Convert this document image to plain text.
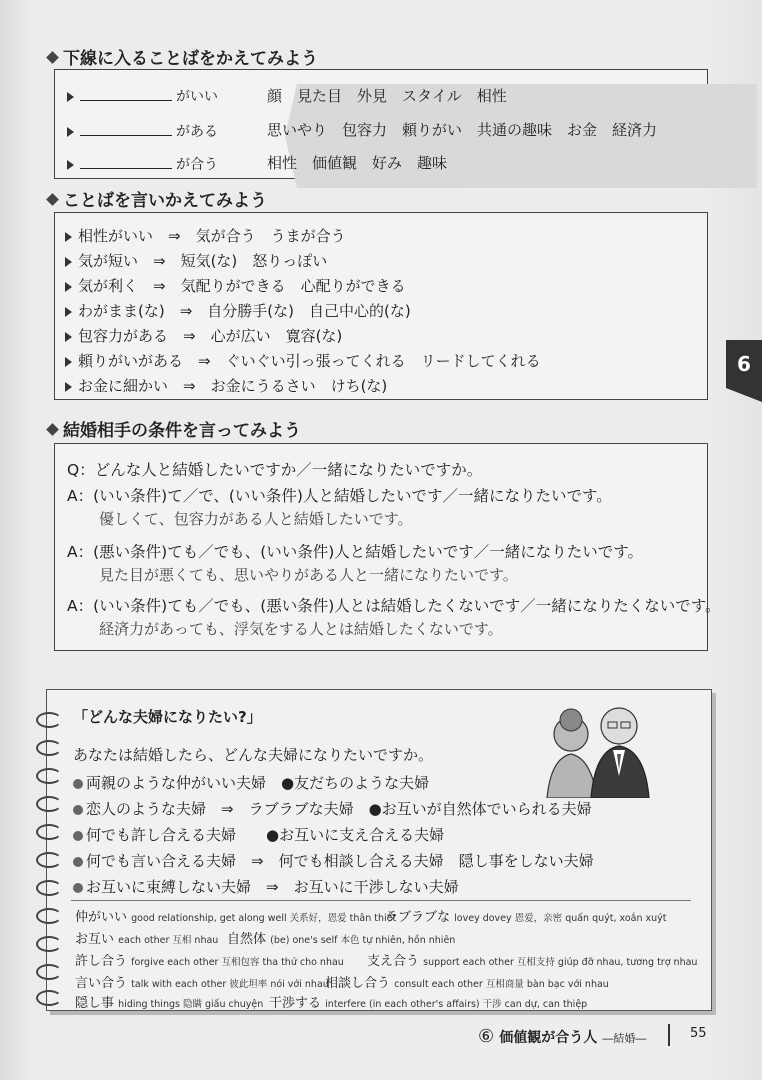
下線に入ることばをかえてみよう
がいい	顔　見た目　外見　スタイル　相性
がある	思いやり　包容力　頼りがい　共通の趣味　お金　経済力
が合う	相性　価値観　好み　趣味
ことばを言いかえてみよう
相性がいい　⇒　気が合う　うまが合う
気が短い　⇒　短気(な)　怒りっぽい
気が利く　⇒　気配りができる　心配りができる
わがまま(な)　⇒　自分勝手(な)　自己中心的(な)
包容力がある　⇒　心が広い　寛容(な)
頼りがいがある　⇒　ぐいぐい引っ張ってくれる　リードしてくれる
お金に細かい　⇒　お金にうるさい　けち(な)
結婚相手の条件を言ってみよう
Q：どんな人と結婚したいですか／一緒になりたいですか。
A：(いい条件)て／で、(いい条件)人と結婚したいです／一緒になりたいです。
優しくて、包容力がある人と結婚したいです。
A：(悪い条件)ても／でも、(いい条件)人と結婚したいです／一緒になりたいです。
見た目が悪くても、思いやりがある人と一緒になりたいです。
A：(いい条件)ても／でも、(悪い条件)人とは結婚したくないです／一緒になりたくないです。
経済力があっても、浮気をする人とは結婚したくないです。
6
「どんな夫婦になりたい?」
あなたは結婚したら、どんな夫婦になりたいですか。
両親のような仲がいい夫婦　●友だちのような夫婦
恋人のような夫婦　⇒　ラブラブな夫婦　●お互いが自然体でいられる夫婦
何でも許し合える夫婦　　●お互いに支え合える夫婦
何でも言い合える夫婦　⇒　何でも相談し合える夫婦　隠し事をしない夫婦
お互いに束縛しない夫婦　⇒　お互いに干渉しない夫婦
仲がいい good relationship, get along well 关系好，恩爱 thân thiết
ラブラブな lovey dovey 恩爱，亲密 quấn quýt, xoắn xuýt
お互い each other 互相 nhau 自然体 (be) one's self 本色 tự nhiên, hồn nhiên
許し合う forgive each other 互相包容 tha thứ cho nhau 支え合う support each other 互相支持 giúp đỡ nhau, tương trợ nhau
言い合う talk with each other 彼此坦率 nói với nhau
相談し合う consult each other 互相商量 bàn bạc với nhau
隠し事 hiding things 隐瞒 giấu chuyện 干渉する interfere (in each other's affairs) 干涉 can dự, can thiệp
⑥ 価値観が合う人 ―結婚―	55
